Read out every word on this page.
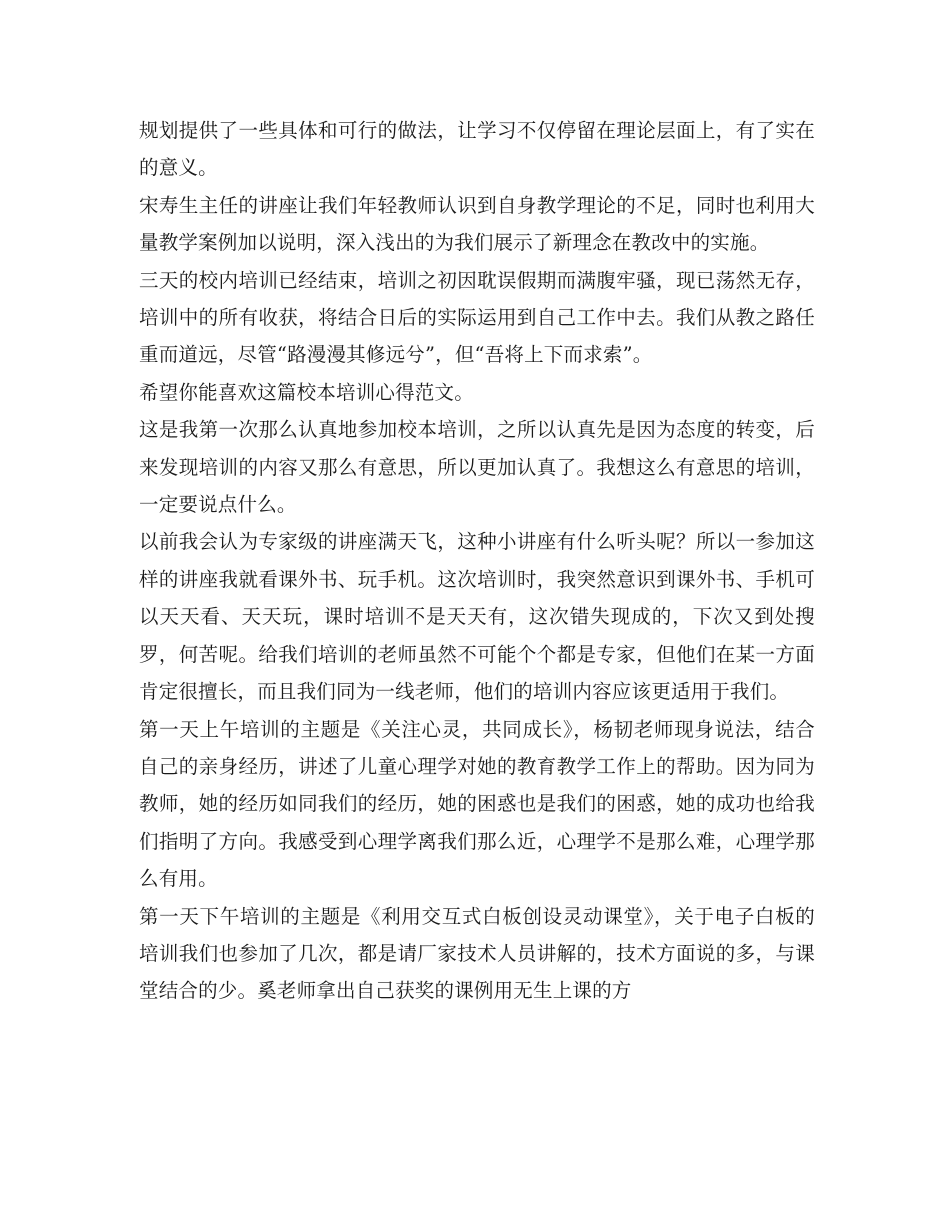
规划提供了一些具体和可行的做法，让学习不仅停留在理论层面上，有了实在的意义。

宋寿生主任的讲座让我们年轻教师认识到自身教学理论的不足，同时也利用大量教学案例加以说明，深入浅出的为我们展示了新理念在教改中的实施。

三天的校内培训已经结束，培训之初因耽误假期而满腹牢骚，现已荡然无存，培训中的所有收获，将结合日后的实际运用到自己工作中去。我们从教之路任重而道远，尽管“路漫漫其修远兮”，但“吾将上下而求索”。

希望你能喜欢这篇校本培训心得范文。

这是我第一次那么认真地参加校本培训，之所以认真先是因为态度的转变，后来发现培训的内容又那么有意思，所以更加认真了。我想这么有意思的培训，一定要说点什么。

以前我会认为专家级的讲座满天飞，这种小讲座有什么听头呢？所以一参加这样的讲座我就看课外书、玩手机。这次培训时，我突然意识到课外书、手机可以天天看、天天玩，课时培训不是天天有，这次错失现成的，下次又到处搜罗，何苦呢。给我们培训的老师虽然不可能个个都是专家，但他们在某一方面肯定很擅长，而且我们同为一线老师，他们的培训内容应该更适用于我们。

第一天上午培训的主题是《关注心灵，共同成长》，杨韧老师现身说法，结合自己的亲身经历，讲述了儿童心理学对她的教育教学工作上的帮助。因为同为教师，她的经历如同我们的经历，她的困惑也是我们的困惑，她的成功也给我们指明了方向。我感受到心理学离我们那么近，心理学不是那么难，心理学那么有用。

第一天下午培训的主题是《利用交互式白板创设灵动课堂》，关于电子白板的培训我们也参加了几次，都是请厂家技术人员讲解的，技术方面说的多，与课堂结合的少。奚老师拿出自己获奖的课例用无生上课的方
